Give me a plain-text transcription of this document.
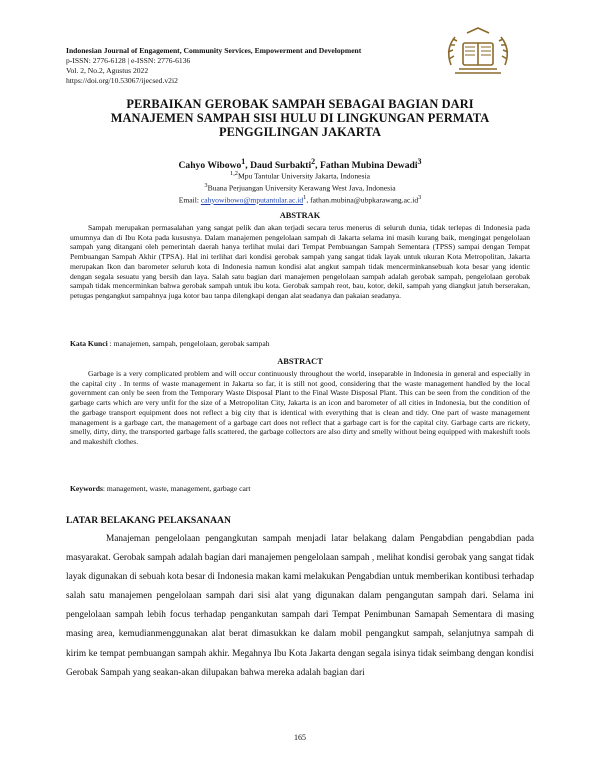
Indonesian Journal of Engagement, Community Services, Empowerment and Development
p-ISSN: 2776-6128 | e-ISSN: 2776-6136
Vol. 2, No.2, Agustus 2022
https://doi.org/10.53067/ijecsed.v2i2
PERBAIKAN GEROBAK SAMPAH SEBAGAI BAGIAN DARI
MANAJEMEN SAMPAH SISI HULU DI LINGKUNGAN PERMATA
PENGGILINGAN JAKARTA
Cahyo Wibowo$^1$, Daud Surbakti$^2$, Fathan Mubina Dewadi$^3$
$^{1,2}$Mpu Tantular University Jakarta, Indonesia
$^3$Buana Perjuangan University Kerawang West Java, Indonesia
Email: $cahyowibowo@mputantular.ac.id^1$, $fathan.mubina@ubpkarawang.ac.id^3$
ABSTRAK
Sampah merupakan permasalahan yang sangat pelik dan akan terjadi secara terus menerus di seluruh dunia, tidak terlepas di Indonesia pada umumnya dan di Ibu Kota pada kususnya. Dalam manajemen pengelolaan sampah di Jakarta selama ini masih kurang baik, mengingat pengelolaan sampah yang ditangani oleh pemerintah daerah hanya terlihat mulai dari Tempat Pembuangan Sampah Sementara (TPSS) sampai dengan Tempat Pembuangan Sampah Akhir (TPSA). Hal ini terlihat dari kondisi gerobak sampah yang sangat tidak layak untuk ukuran Kota Metropolitan, Jakarta merupakan Ikon dan barometer seluruh kota di Indonesia namun kondisi alat angkut sampah tidak mencerminkansebuah kota besar yang identic dengan segala sesuatu yang bersih dan laya. Salah satu bagian dari manajemen pengelolaan sampah adalah gerobak sampah, pengelolaan gerobak sampah tidak mencerminkan bahwa gerobak sampah untuk ibu kota. Gerobak sampah reot, bau, kotor, dekil, sampah yang diangkut jatuh berserakan, petugas pengangkut sampahnya juga kotor bau tanpa dilengkapi dengan alat seadanya dan pakaian seadanya.
Kata Kunci : manajemen, sampah, pengelolaan, gerobak sampah
ABSTRACT
Garbage is a very complicated problem and will occur continuously throughout the world, inseparable in Indonesia in general and especially in the capital city . In terms of waste management in Jakarta so far, it is still not good, considering that the waste management handled by the local government can only be seen from the Temporary Waste Disposal Plant to the Final Waste Disposal Plant. This can be seen from the condition of the garbage carts which are very unfit for the size of a Metropolitan City, Jakarta is an icon and barometer of all cities in Indonesia, but the condition of the garbage transport equipment does not reflect a big city that is identical with everything that is clean and tidy. One part of waste management management is a garbage cart, the management of a garbage cart does not reflect that a garbage cart is for the capital city. Garbage carts are rickety, smelly, dirty, dirty, the transported garbage falls scattered, the garbage collectors are also dirty and smelly without being equipped with makeshift tools and makeshift clothes.
Keywords: management, waste, management, garbage cart
LATAR BELAKANG PELAKSANAAN
Manajeman pengelolaan pengangkutan sampah menjadi latar belakang dalam Pengabdian pengabdian pada masyarakat. Gerobak sampah adalah bagian dari manajemen pengelolaan sampah , melihat kondisi gerobak yang sangat tidak layak digunakan di sebuah kota besar di Indonesia makan kami melakukan Pengabdian untuk memberikan kontibusi terhadap salah satu manajemen pengelolaan sampah dari sisi alat yang digunakan dalam pengangutan sampah dari. Selama ini pengelolaan sampah lebih focus terhadap pengankutan sampah dari Tempat Penimbunan Samapah Sementara di masing masing area, kemudianmenggunakan alat berat dimasukkan ke dalam mobil pengangkut sampah, selanjutnya sampah di kirim ke tempat pembuangan sampah akhir. Megahnya Ibu Kota Jakarta dengan segala isinya tidak seimbang dengan kondisi Gerobak Sampah yang seakan-akan dilupakan bahwa mereka adalah bagian dari
165
